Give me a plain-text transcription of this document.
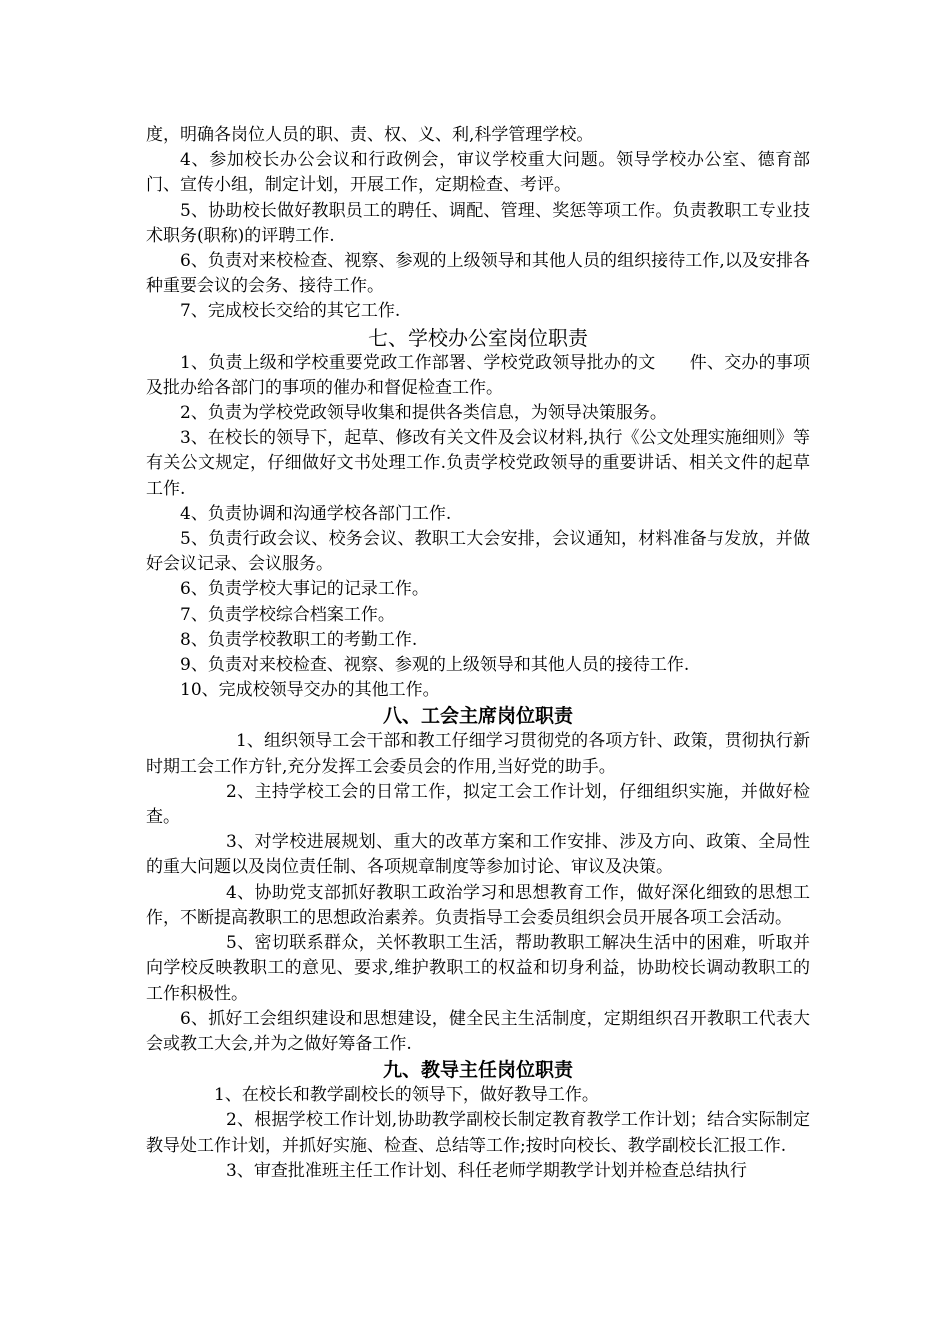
度，明确各岗位人员的职、责、权、义、利,科学管理学校。

4、参加校长办公会议和行政例会，审议学校重大问题。领导学校办公室、德育部门、宣传小组，制定计划，开展工作，定期检查、考评。

5、协助校长做好教职员工的聘任、调配、管理、奖惩等项工作。负责教职工专业技术职务(职称)的评聘工作.

6、负责对来校检查、视察、参观的上级领导和其他人员的组织接待工作,以及安排各种重要会议的会务、接待工作。

7、完成校长交给的其它工作.

七、学校办公室岗位职责

1、负责上级和学校重要党政工作部署、学校党政领导批办的文　　件、交办的事项及批办给各部门的事项的催办和督促检查工作。

2、负责为学校党政领导收集和提供各类信息，为领导决策服务。

3、在校长的领导下，起草、修改有关文件及会议材料,执行《公文处理实施细则》等有关公文规定，仔细做好文书处理工作.负责学校党政领导的重要讲话、相关文件的起草工作.

4、负责协调和沟通学校各部门工作.

5、负责行政会议、校务会议、教职工大会安排，会议通知，材料准备与发放，并做好会议记录、会议服务。

6、负责学校大事记的记录工作。

7、负责学校综合档案工作。

8、负责学校教职工的考勤工作.

9、负责对来校检查、视察、参观的上级领导和其他人员的接待工作.

10、完成校领导交办的其他工作。

八、工会主席岗位职责

1、组织领导工会干部和教工仔细学习贯彻党的各项方针、政策，贯彻执行新时期工会工作方针,充分发挥工会委员会的作用,当好党的助手。

2、主持学校工会的日常工作，拟定工会工作计划，仔细组织实施，并做好检查。

3、对学校进展规划、重大的改革方案和工作安排、涉及方向、政策、全局性的重大问题以及岗位责任制、各项规章制度等参加讨论、审议及决策。

4、协助党支部抓好教职工政治学习和思想教育工作，做好深化细致的思想工作，不断提高教职工的思想政治素养。负责指导工会委员组织会员开展各项工会活动。

5、密切联系群众，关怀教职工生活，帮助教职工解决生活中的困难，听取并向学校反映教职工的意见、要求,维护教职工的权益和切身利益，协助校长调动教职工的工作积极性。

6、抓好工会组织建设和思想建设，健全民主生活制度，定期组织召开教职工代表大会或教工大会,并为之做好筹备工作.

九、教导主任岗位职责

1、在校长和教学副校长的领导下，做好教导工作。

2、根据学校工作计划,协助教学副校长制定教育教学工作计划；结合实际制定教导处工作计划，并抓好实施、检查、总结等工作;按时向校长、教学副校长汇报工作.

3、审查批准班主任工作计划、科任老师学期教学计划并检查总结执行
